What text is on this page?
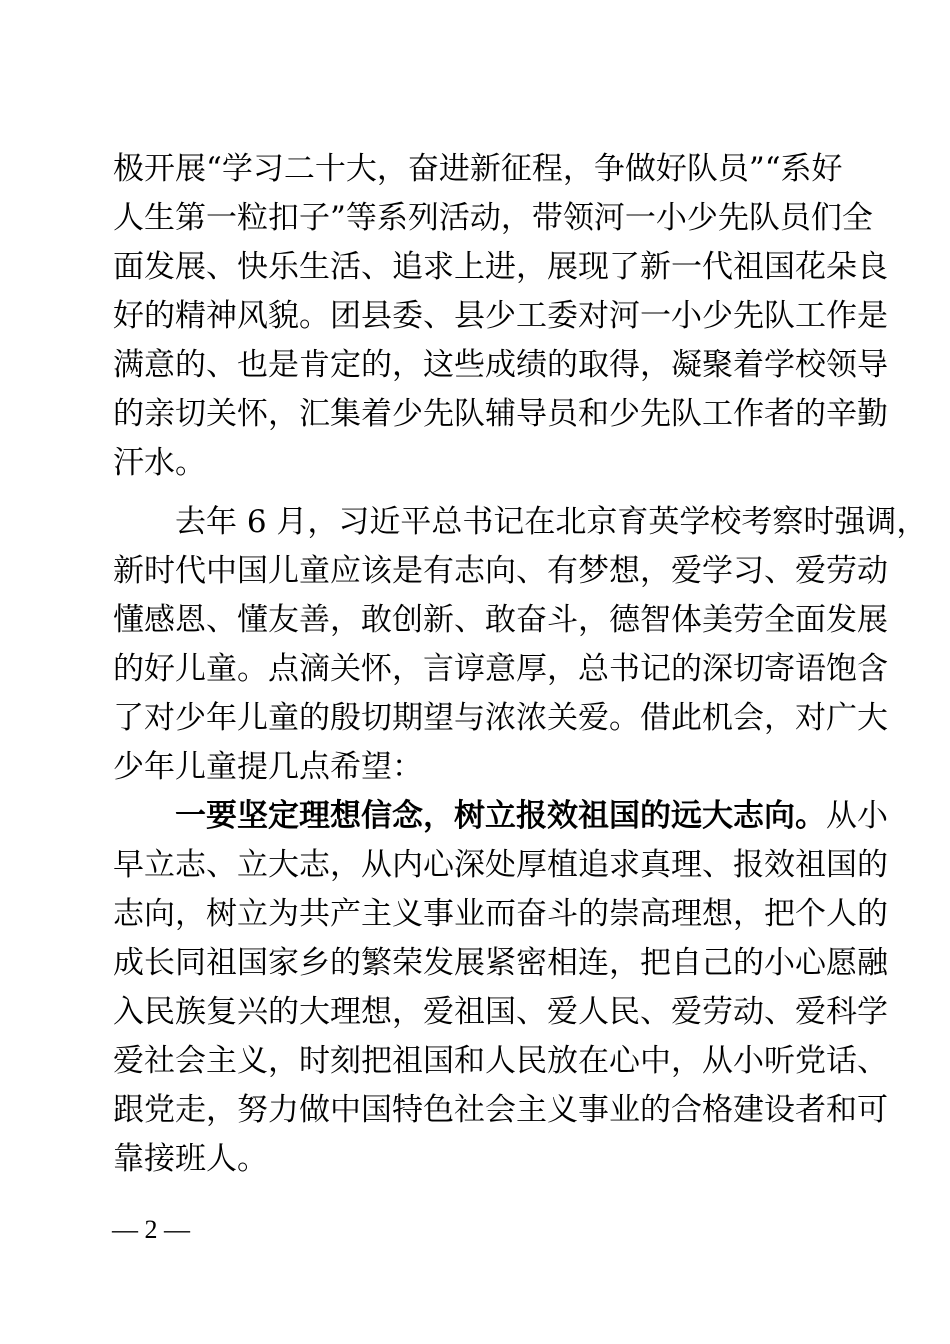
极开展“学习二十大，奋进新征程，争做好队员”“系好
人生第一粒扣子”等系列活动，带领河一小少先队员们全
面发展、快乐生活、追求上进，展现了新一代祖国花朵良
好的精神风貌。团县委、县少工委对河一小少先队工作是
满意的、也是肯定的，这些成绩的取得，凝聚着学校领导
的亲切关怀，汇集着少先队辅导员和少先队工作者的辛勤
汗水。
去年 6 月，习近平总书记在北京育英学校考察时强调，
新时代中国儿童应该是有志向、有梦想，爱学习、爱劳动
懂感恩、懂友善，敢创新、敢奋斗，德智体美劳全面发展
的好儿童。点滴关怀，言谆意厚，总书记的深切寄语饱含
了对少年儿童的殷切期望与浓浓关爱。借此机会，对广大
少年儿童提几点希望：
一要坚定理想信念，树立报效祖国的远大志向。从小
早立志、立大志，从内心深处厚植追求真理、报效祖国的
志向，树立为共产主义事业而奋斗的崇高理想，把个人的
成长同祖国家乡的繁荣发展紧密相连，把自己的小心愿融
入民族复兴的大理想，爱祖国、爱人民、爱劳动、爱科学
爱社会主义，时刻把祖国和人民放在心中，从小听党话、
跟党走，努力做中国特色社会主义事业的合格建设者和可
靠接班人。
— 2 —
